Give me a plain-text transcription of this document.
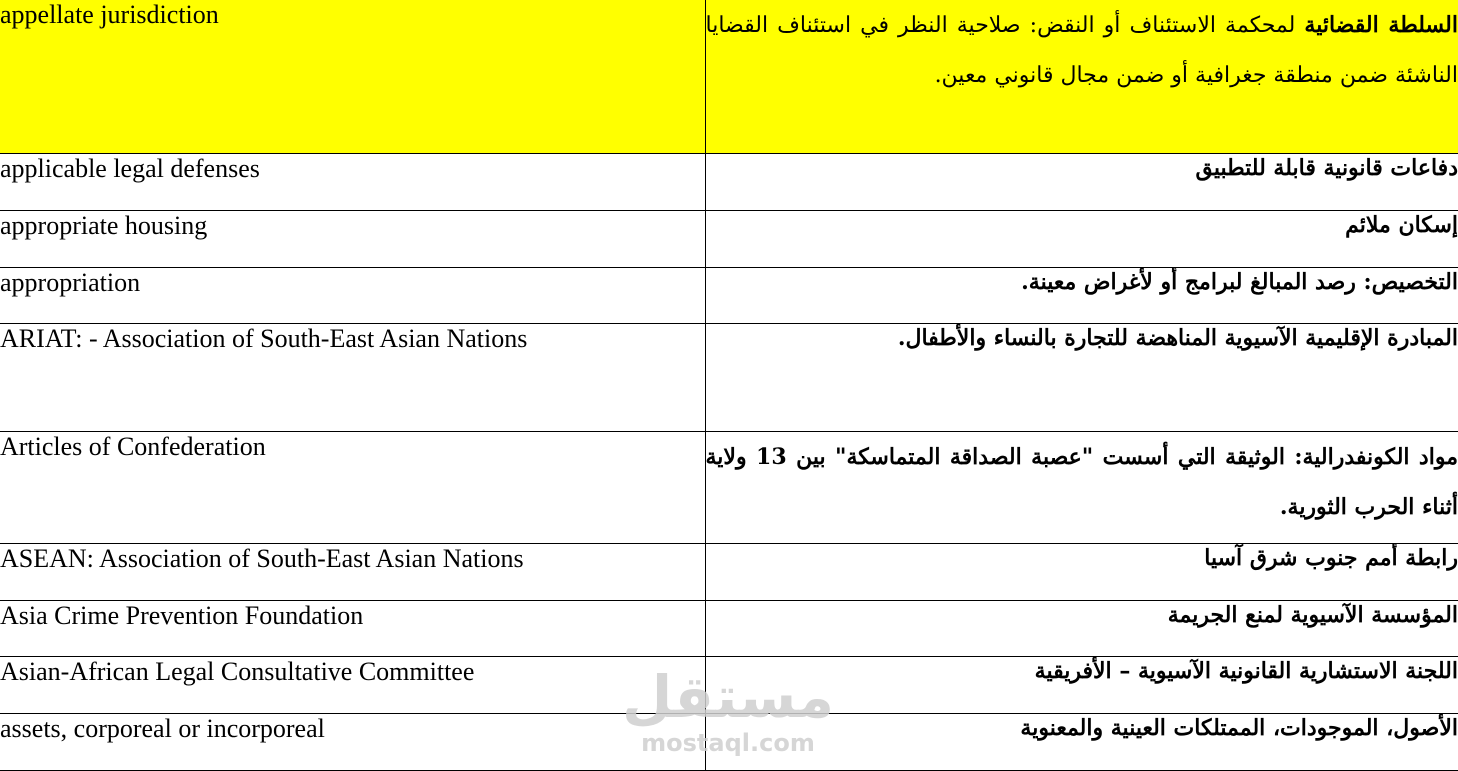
appellate jurisdiction	السلطة القضائية لمحكمة الاستئناف أو النقض: صلاحية النظر في استئناف القضايا الناشئة ضمن منطقة جغرافية أو ضمن مجال قانوني معين.
applicable legal defenses	دفاعات قانونية قابلة للتطبيق
appropriate housing	إسكان ملائم
appropriation	التخصيص: رصد المبالغ لبرامج أو لأغراض معينة.
ARIAT: - Association of South-East Asian Nations	المبادرة الإقليمية الآسيوية المناهضة للتجارة بالنساء والأطفال.
Articles of Confederation	مواد الكونفدرالية: الوثيقة التي أسست "عصبة الصداقة المتماسكة" بين 13 ولاية أثناء الحرب الثورية.
ASEAN: Association of South-East Asian Nations	رابطة أمم جنوب شرق آسيا
Asia Crime Prevention Foundation	المؤسسة الآسيوية لمنع الجريمة
Asian-African Legal Consultative Committee	اللجنة الاستشارية القانونية الآسيوية – الأفريقية
assets, corporeal or incorporeal	الأصول، الموجودات، الممتلكات العينية والمعنوية
مستقل
mostaql.com
